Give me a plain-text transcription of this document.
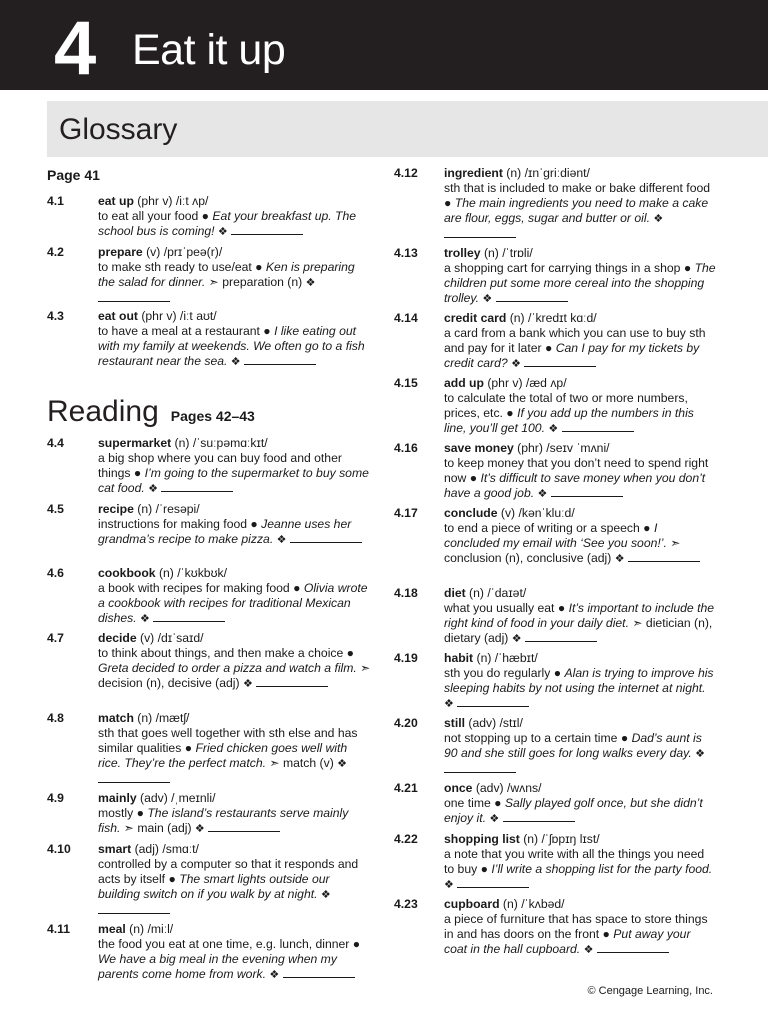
4 Eat it up
Glossary
Page 41
4.1	eat up (phr v) /iːt ʌp/
to eat all your food ● Eat your breakfast up. The school bus is coming! ❖
4.2	prepare (v) /prɪˈpeə(r)/
to make sth ready to use/eat ● Ken is preparing the salad for dinner. ➣ preparation (n) ❖
4.3	eat out (phr v) /iːt aʊt/
to have a meal at a restaurant ● I like eating out with my family at weekends. We often go to a fish restaurant near the sea. ❖
Reading Pages 42–43
4.4	supermarket (n) /ˈsuːpəmɑːkɪt/
a big shop where you can buy food and other things ● I’m going to the supermarket to buy some cat food. ❖
4.5	recipe (n) /ˈresəpi/
instructions for making food ● Jeanne uses her grandma’s recipe to make pizza. ❖
4.6	cookbook (n) /ˈkʊkbʊk/
a book with recipes for making food ● Olivia wrote a cookbook with recipes for traditional Mexican dishes. ❖
4.7	decide (v) /dɪˈsaɪd/
to think about things, and then make a choice ● Greta decided to order a pizza and watch a film. ➣ decision (n), decisive (adj) ❖
4.8	match (n) /mætʃ/
sth that goes well together with sth else and has similar qualities ● Fried chicken goes well with rice. They’re the perfect match. ➣ match (v) ❖
4.9	mainly (adv) /ˌmeɪnli/
mostly ● The island’s restaurants serve mainly fish. ➣ main (adj) ❖
4.10 smart (adj) /smɑːt/
controlled by a computer so that it responds and acts by itself ● The smart lights outside our building switch on if you walk by at night. ❖
4.11 meal (n) /miːl/
the food you eat at one time, e.g. lunch, dinner ● We have a big meal in the evening when my parents come home from work. ❖
4.12 ingredient (n) /ɪnˈɡriːdiənt/
sth that is included to make or bake different food ● The main ingredients you need to make a cake are flour, eggs, sugar and butter or oil. ❖
4.13 trolley (n) /ˈtrɒli/
a shopping cart for carrying things in a shop ● The children put some more cereal into the shopping trolley. ❖
4.14 credit card (n) /ˈkredɪt kɑːd/
a card from a bank which you can use to buy sth and pay for it later ● Can I pay for my tickets by credit card? ❖
4.15 add up (phr v) /æd ʌp/
to calculate the total of two or more numbers, prices, etc. ● If you add up the numbers in this line, you’ll get 100. ❖
4.16 save money (phr) /seɪv ˈmʌni/
to keep money that you don’t need to spend right now ● It’s difficult to save money when you don’t have a good job. ❖
4.17 conclude (v) /kənˈkluːd/
to end a piece of writing or a speech ● I concluded my email with ‘See you soon!’. ➣ conclusion (n), conclusive (adj) ❖
4.18 diet (n) /ˈdaɪət/
what you usually eat ● It’s important to include the right kind of food in your daily diet. ➣ dietician (n), dietary (adj) ❖
4.19 habit (n) /ˈhæbɪt/
sth you do regularly ● Alan is trying to improve his sleeping habits by not using the internet at night. ❖
4.20 still (adv) /stɪl/
not stopping up to a certain time ● Dad’s aunt is 90 and she still goes for long walks every day. ❖
4.21 once (adv) /wʌns/
one time ● Sally played golf once, but she didn’t enjoy it. ❖
4.22 shopping list (n) /ˈʃɒpɪŋ lɪst/
a note that you write with all the things you need to buy ● I’ll write a shopping list for the party food. ❖
4.23 cupboard (n) /ˈkʌbəd/
a piece of furniture that has space to store things in and has doors on the front ● Put away your coat in the hall cupboard. ❖
© Cengage Learning, Inc.
